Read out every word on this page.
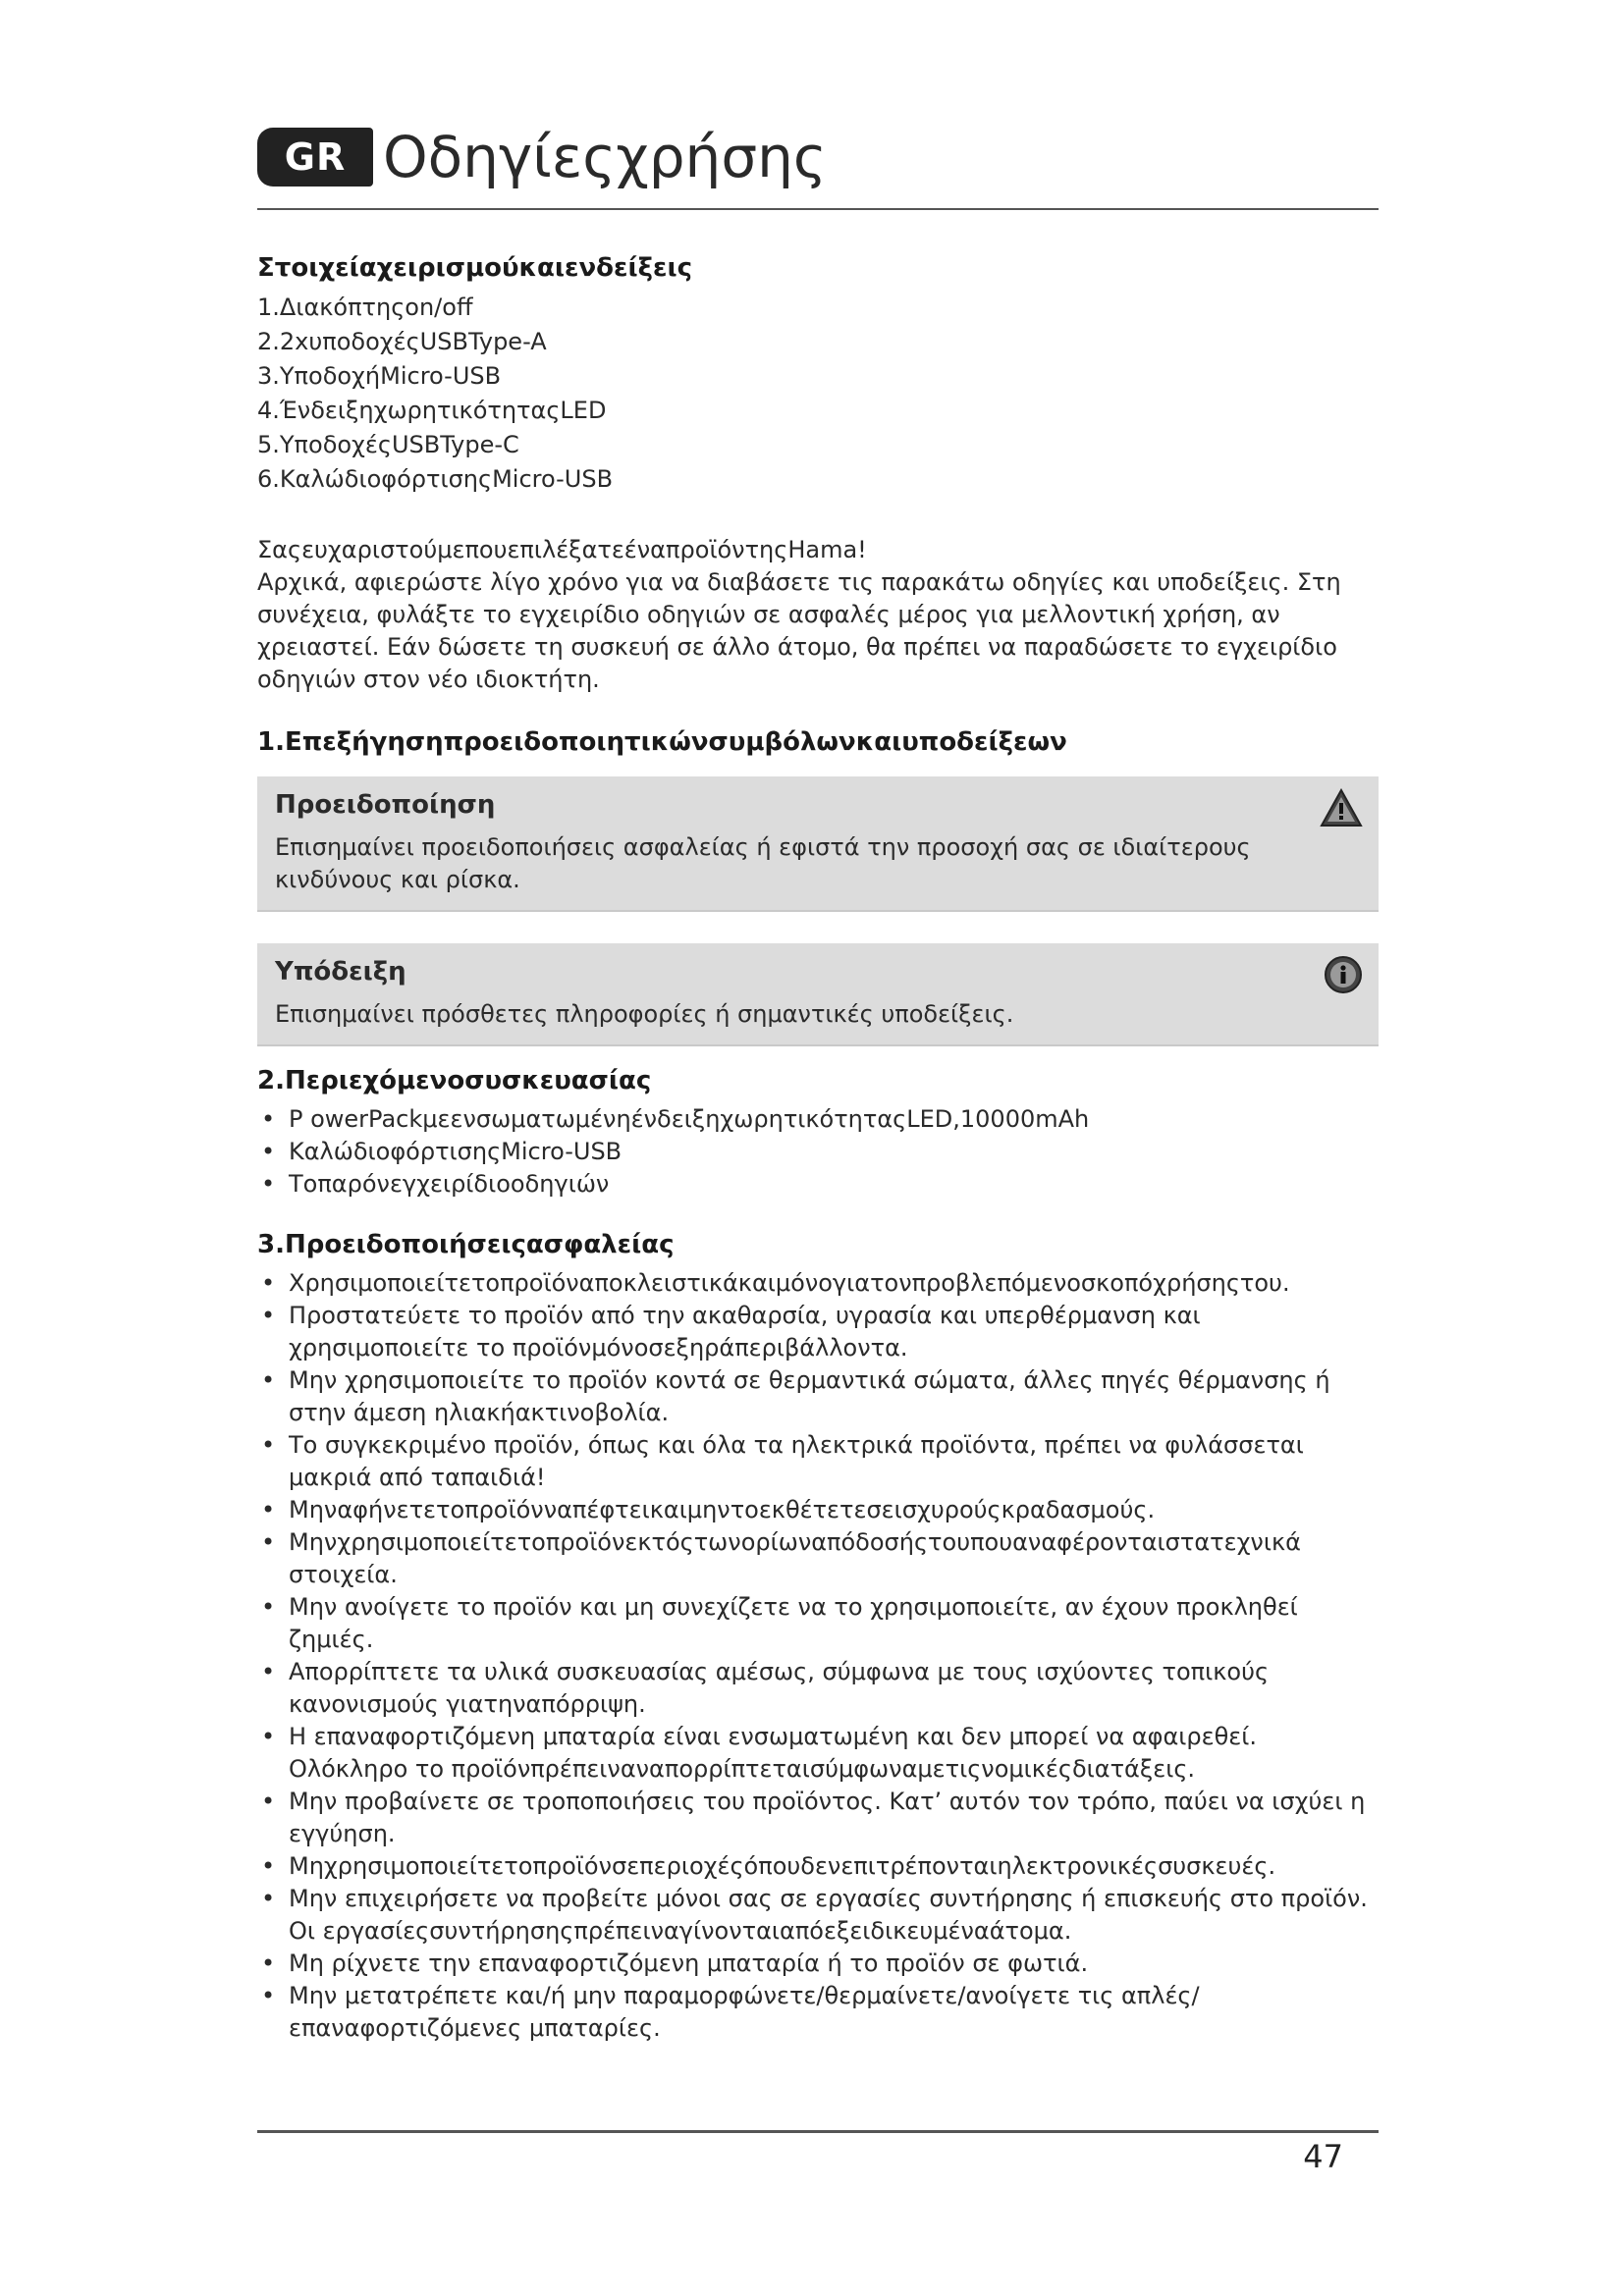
GR Οδηγίεςχρήσης
Στοιχείαχειρισμούκαιενδείξεις
1.Διακόπτηςon/off
2.2xυποδοχέςUSBType-A
3.ΥποδοχήMicro-USB
4.ΈνδειξηχωρητικότηταςLED
5.ΥποδοχέςUSBType-C
6.ΚαλώδιοφόρτισηςMicro-USB

ΣαςευχαριστούμεπουεπιλέξατεέναπροϊόντηςHama!

Αρχικά, αφιερώστε λίγο χρόνο για να διαβάσετε τις παρακάτω οδηγίες και υποδείξεις. Στη συνέχεια, φυλάξτε το εγχειρίδιο οδηγιών σε ασφαλές μέρος για μελλοντική χρήση, αν χρειαστεί. Εάν δώσετε τη συσκευή σε άλλο άτομο, θα πρέπει να παραδώσετε το εγχειρίδιο οδηγιών στον νέο ιδιοκτήτη.

1.Επεξήγησηπροειδοποιητικώνσυμβόλωνκαιυποδείξεων
Προειδοποίηση
Επισημαίνει προειδοποιήσεις ασφαλείας ή εφιστά την προσοχή σας σε ιδιαίτερους κινδύνους και ρίσκα.
Υπόδειξη
Επισημαίνει πρόσθετες πληροφορίες ή σημαντικές υποδείξεις.
2.Περιεχόμενοσυσκευασίας
• P owerPackμεενσωματωμένηένδειξηχωρητικότηταςLED,10000mAh
• ΚαλώδιοφόρτισηςMicro-USB
• Τοπαρόνεγχειρίδιοοδηγιών
3.Προειδοποιήσειςασφαλείας
• Χρησιμοποιείτετοπροϊόναποκλειστικάκαιμόνογιατονπροβλεπόμενοσκοπόχρήσηςτου.
• Προστατεύετε το προϊόν από την ακαθαρσία, υγρασία και υπερθέρμανση και χρησιμοποιείτε το προϊόνμόνοσεξηράπεριβάλλοντα.
• Μην χρησιμοποιείτε το προϊόν κοντά σε θερμαντικά σώματα, άλλες πηγές θέρμανσης ή στην άμεση ηλιακήακτινοβολία.
• Το συγκεκριμένο προϊόν, όπως και όλα τα ηλεκτρικά προϊόντα, πρέπει να φυλάσσεται μακριά από ταπαιδιά!
• Μηναφήνετετοπροϊόνναπέφτεικαιμηντοεκθέτετεσεισχυρούςκραδασμούς.
• Μηνχρησιμοποιείτετοπροϊόνεκτόςτωνορίωναπόδοσήςτουπουαναφέρονταιστατεχνικά στοιχεία.
• Μην ανοίγετε το προϊόν και μη συνεχίζετε να το χρησιμοποιείτε, αν έχουν προκληθεί ζημιές.
• Απορρίπτετε τα υλικά συσκευασίας αμέσως, σύμφωνα με τους ισχύοντες τοπικούς κανονισμούς γιατηναπόρριψη.
• Η επαναφορτιζόμενη μπαταρία είναι ενσωματωμένη και δεν μπορεί να αφαιρεθεί. Ολόκληρο το προϊόνπρέπειναναπορρίπτεταισύμφωναμετιςνομικέςδιατάξεις.
• Μην προβαίνετε σε τροποποιήσεις του προϊόντος. Κατ’ αυτόν τον τρόπο, παύει να ισχύει η εγγύηση.
• Μηχρησιμοποιείτετοπροϊόνσεπεριοχέςόπουδενεπιτρέπονταιηλεκτρονικέςσυσκευές.
• Μην επιχειρήσετε να προβείτε μόνοι σας σε εργασίες συντήρησης ή επισκευής στο προϊόν. Οι εργασίεςσυντήρησηςπρέπειναγίνονταιαπόεξειδικευμέναάτομα.
• Μη ρίχνετε την επαναφορτιζόμενη μπαταρία ή το προϊόν σε φωτιά.
• Μην μετατρέπετε και/ή μην παραμορφώνετε/θερμαίνετε/ανοίγετε τις απλές/επαναφορτιζόμενες μπαταρίες.
47
